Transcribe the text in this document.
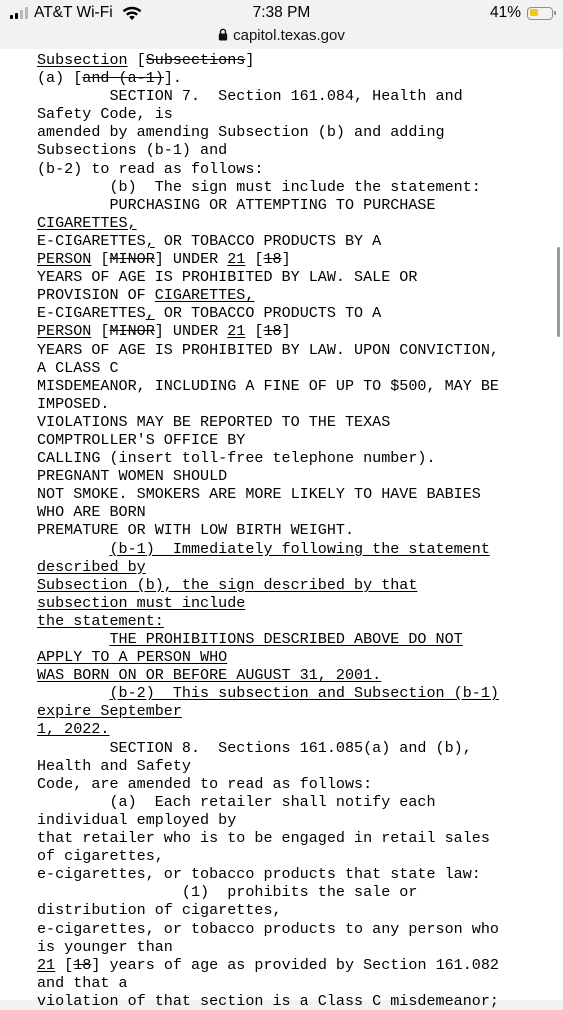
AT&T Wi-Fi	7:38 PM	41%
capitol.texas.gov
Subsection [Subsections]
(a) [and (a-1)].
SECTION 7.  Section 161.084, Health and
Safety Code, is
amended by amending Subsection (b) and adding
Subsections (b-1) and
(b-2) to read as follows:
(b)  The sign must include the statement:
PURCHASING OR ATTEMPTING TO PURCHASE
CIGARETTES,
E-CIGARETTES, OR TOBACCO PRODUCTS BY A
PERSON [MINOR] UNDER 21 [18]
YEARS OF AGE IS PROHIBITED BY LAW. SALE OR
PROVISION OF CIGARETTES,
E-CIGARETTES, OR TOBACCO PRODUCTS TO A
PERSON [MINOR] UNDER 21 [18]
YEARS OF AGE IS PROHIBITED BY LAW. UPON CONVICTION,
A CLASS C
MISDEMEANOR, INCLUDING A FINE OF UP TO $500, MAY BE
IMPOSED.
VIOLATIONS MAY BE REPORTED TO THE TEXAS
COMPTROLLER'S OFFICE BY
CALLING (insert toll-free telephone number).
PREGNANT WOMEN SHOULD
NOT SMOKE. SMOKERS ARE MORE LIKELY TO HAVE BABIES
WHO ARE BORN
PREMATURE OR WITH LOW BIRTH WEIGHT.
(b-1)  Immediately following the statement
described by
Subsection (b), the sign described by that
subsection must include
the statement:
THE PROHIBITIONS DESCRIBED ABOVE DO NOT
APPLY TO A PERSON WHO
WAS BORN ON OR BEFORE AUGUST 31, 2001.
(b-2)  This subsection and Subsection (b-1)
expire September
1, 2022.
SECTION 8.  Sections 161.085(a) and (b),
Health and Safety
Code, are amended to read as follows:
(a)  Each retailer shall notify each
individual employed by
that retailer who is to be engaged in retail sales
of cigarettes,
e-cigarettes, or tobacco products that state law:
(1)  prohibits the sale or
distribution of cigarettes,
e-cigarettes, or tobacco products to any person who
is younger than
21 [18] years of age as provided by Section 161.082
and that a
violation of that section is a Class C misdemeanor;
